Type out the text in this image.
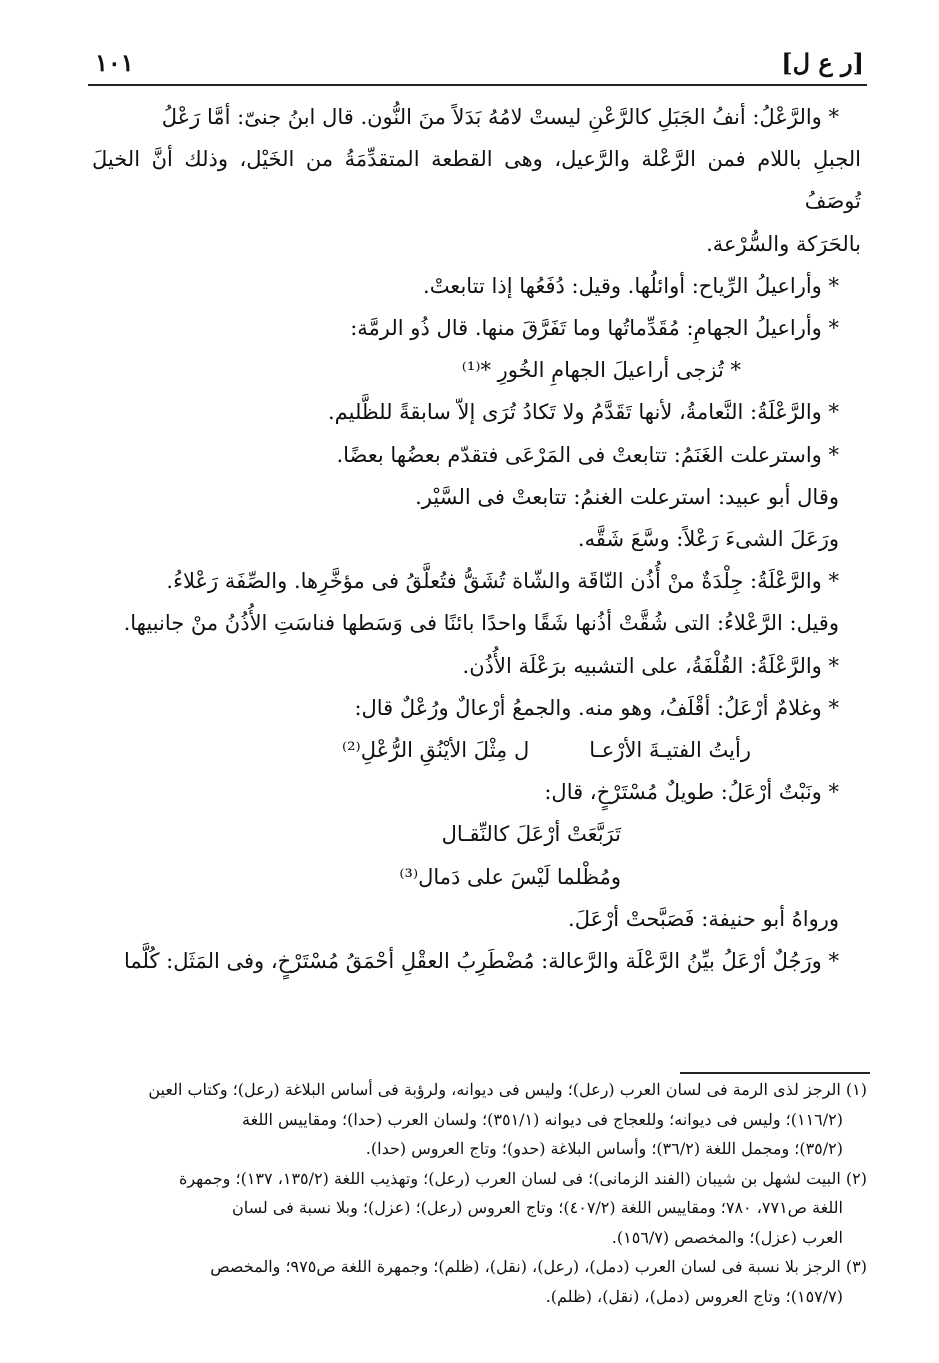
[ر ع ل]
١٠١

* والرَّعْلُ: أنفُ الجَبَلِ كالرَّعْنِ ليستْ لامُهُ بَدَلاً منَ النُّون. قال ابنُ جنىّ: أمَّا رَعْلُ

الجبلِ باللام فمن الرَّعْلة والرَّعيل، وهى القطعة المتقدِّمَةُ من الخَيْل، وذلك أنَّ الخيلَ تُوصَفُ

بالحَرَكة والسُّرْعة.

* وأراعيلُ الرِّياح: أوائلُها. وقيل: دُفَعُها إذا تتابعتْ.

* وأراعيلُ الجهامِ: مُقَدِّماتُها وما تَفَرَّقَ منها. قال ذُو الرمَّة:

* تُزجى أراعيلَ الجهامِ الخُورِ *⁽¹⁾

* والرَّعْلَةُ: النَّعامةُ، لأنها تَقَدَّمُ ولا تَكادُ تُرَى إلاّ سابقةً للظَّليم.

* واسترعلت الغَنَمُ: تتابعتْ فى المَرْعَى فتقدّم بعضُها بعضًا.

وقال أبو عبيد: استرعلت الغنمُ: تتابعتْ فى السَّيْر.

ورَعَلَ الشىءَ رَعْلاً: وسَّعَ شَقَّه.

* والرَّعْلَةُ: جِلْدَةٌ منْ أُذُن النّاقَة والشّاة تُشَقُّ فتُعلَّقُ فى مؤخَّرِها. والصِّفَة رَعْلاءُ.

وقيل: الرَّعْلاءُ: التى شُقَّتْ أذُنها شَقًا واحدًا بائنًا فى وَسَطها فناسَتِ الأُذُنُ منْ جانبيها.

* والرَّعْلَةُ: القُلْفَةُ، على التشبيه برَعْلَة الأُذُن.

* وغلامٌ أرْعَلُ: أقْلَفُ، وهو منه. والجمعُ أرْعالٌ ورُعْلٌ قال:

رأيتُ الفتيـةَ الأرْعـا
ل مِثْلَ الأيْنُقِ الرُّعْلِ⁽²⁾

* ونَبْتٌ أرْعَلُ: طويلٌ مُسْتَرْخٍ، قال:

تَرَبَّعَتْ أرْعَلَ كالنِّقـال

ومُظْلما لَيْسَ على دَمال⁽³⁾

ورواهُ أبو حنيفة: فَصَبَّحتْ أرْعَلَ.

* ورَجُلٌ أرْعَلُ بيِّنُ الرَّعْلَة والرَّعالة: مُضْطَرِبُ العقْلِ أحْمَقُ مُسْتَرْخٍ، وفى المَثَل: كُلَّما

(١) الرجز لذى الرمة فى لسان العرب (رعل)؛ وليس فى ديوانه، ولرؤبة فى أساس البلاغة (رعل)؛ وكتاب العين

(١١٦/٢)؛ وليس فى ديوانه؛ وللعجاج فى ديوانه (٣٥١/١)؛ ولسان العرب (حدا)؛ ومقاييس اللغة

(٣٥/٢)؛ ومجمل اللغة (٣٦/٢)؛ وأساس البلاغة (حدو)؛ وتاج العروس (حدا).

(٢) البيت لشهل بن شيبان (الفند الزمانى)؛ فى لسان العرب (رعل)؛ وتهذيب اللغة (١٣٥/٢، ١٣٧)؛ وجمهرة

اللغة ص٧٧١، ٧٨٠؛ ومقاييس اللغة (٤٠٧/٢)؛ وتاج العروس (رعل)؛ (عزل)؛ وبلا نسبة فى لسان

العرب (عزل)؛ والمخصص (١٥٦/٧).

(٣) الرجز بلا نسبة فى لسان العرب (دمل)، (رعل)، (نقل)، (ظلم)؛ وجمهرة اللغة ص٩٧٥؛ والمخصص

(١٥٧/٧)؛ وتاج العروس (دمل)، (نقل)، (ظلم).
